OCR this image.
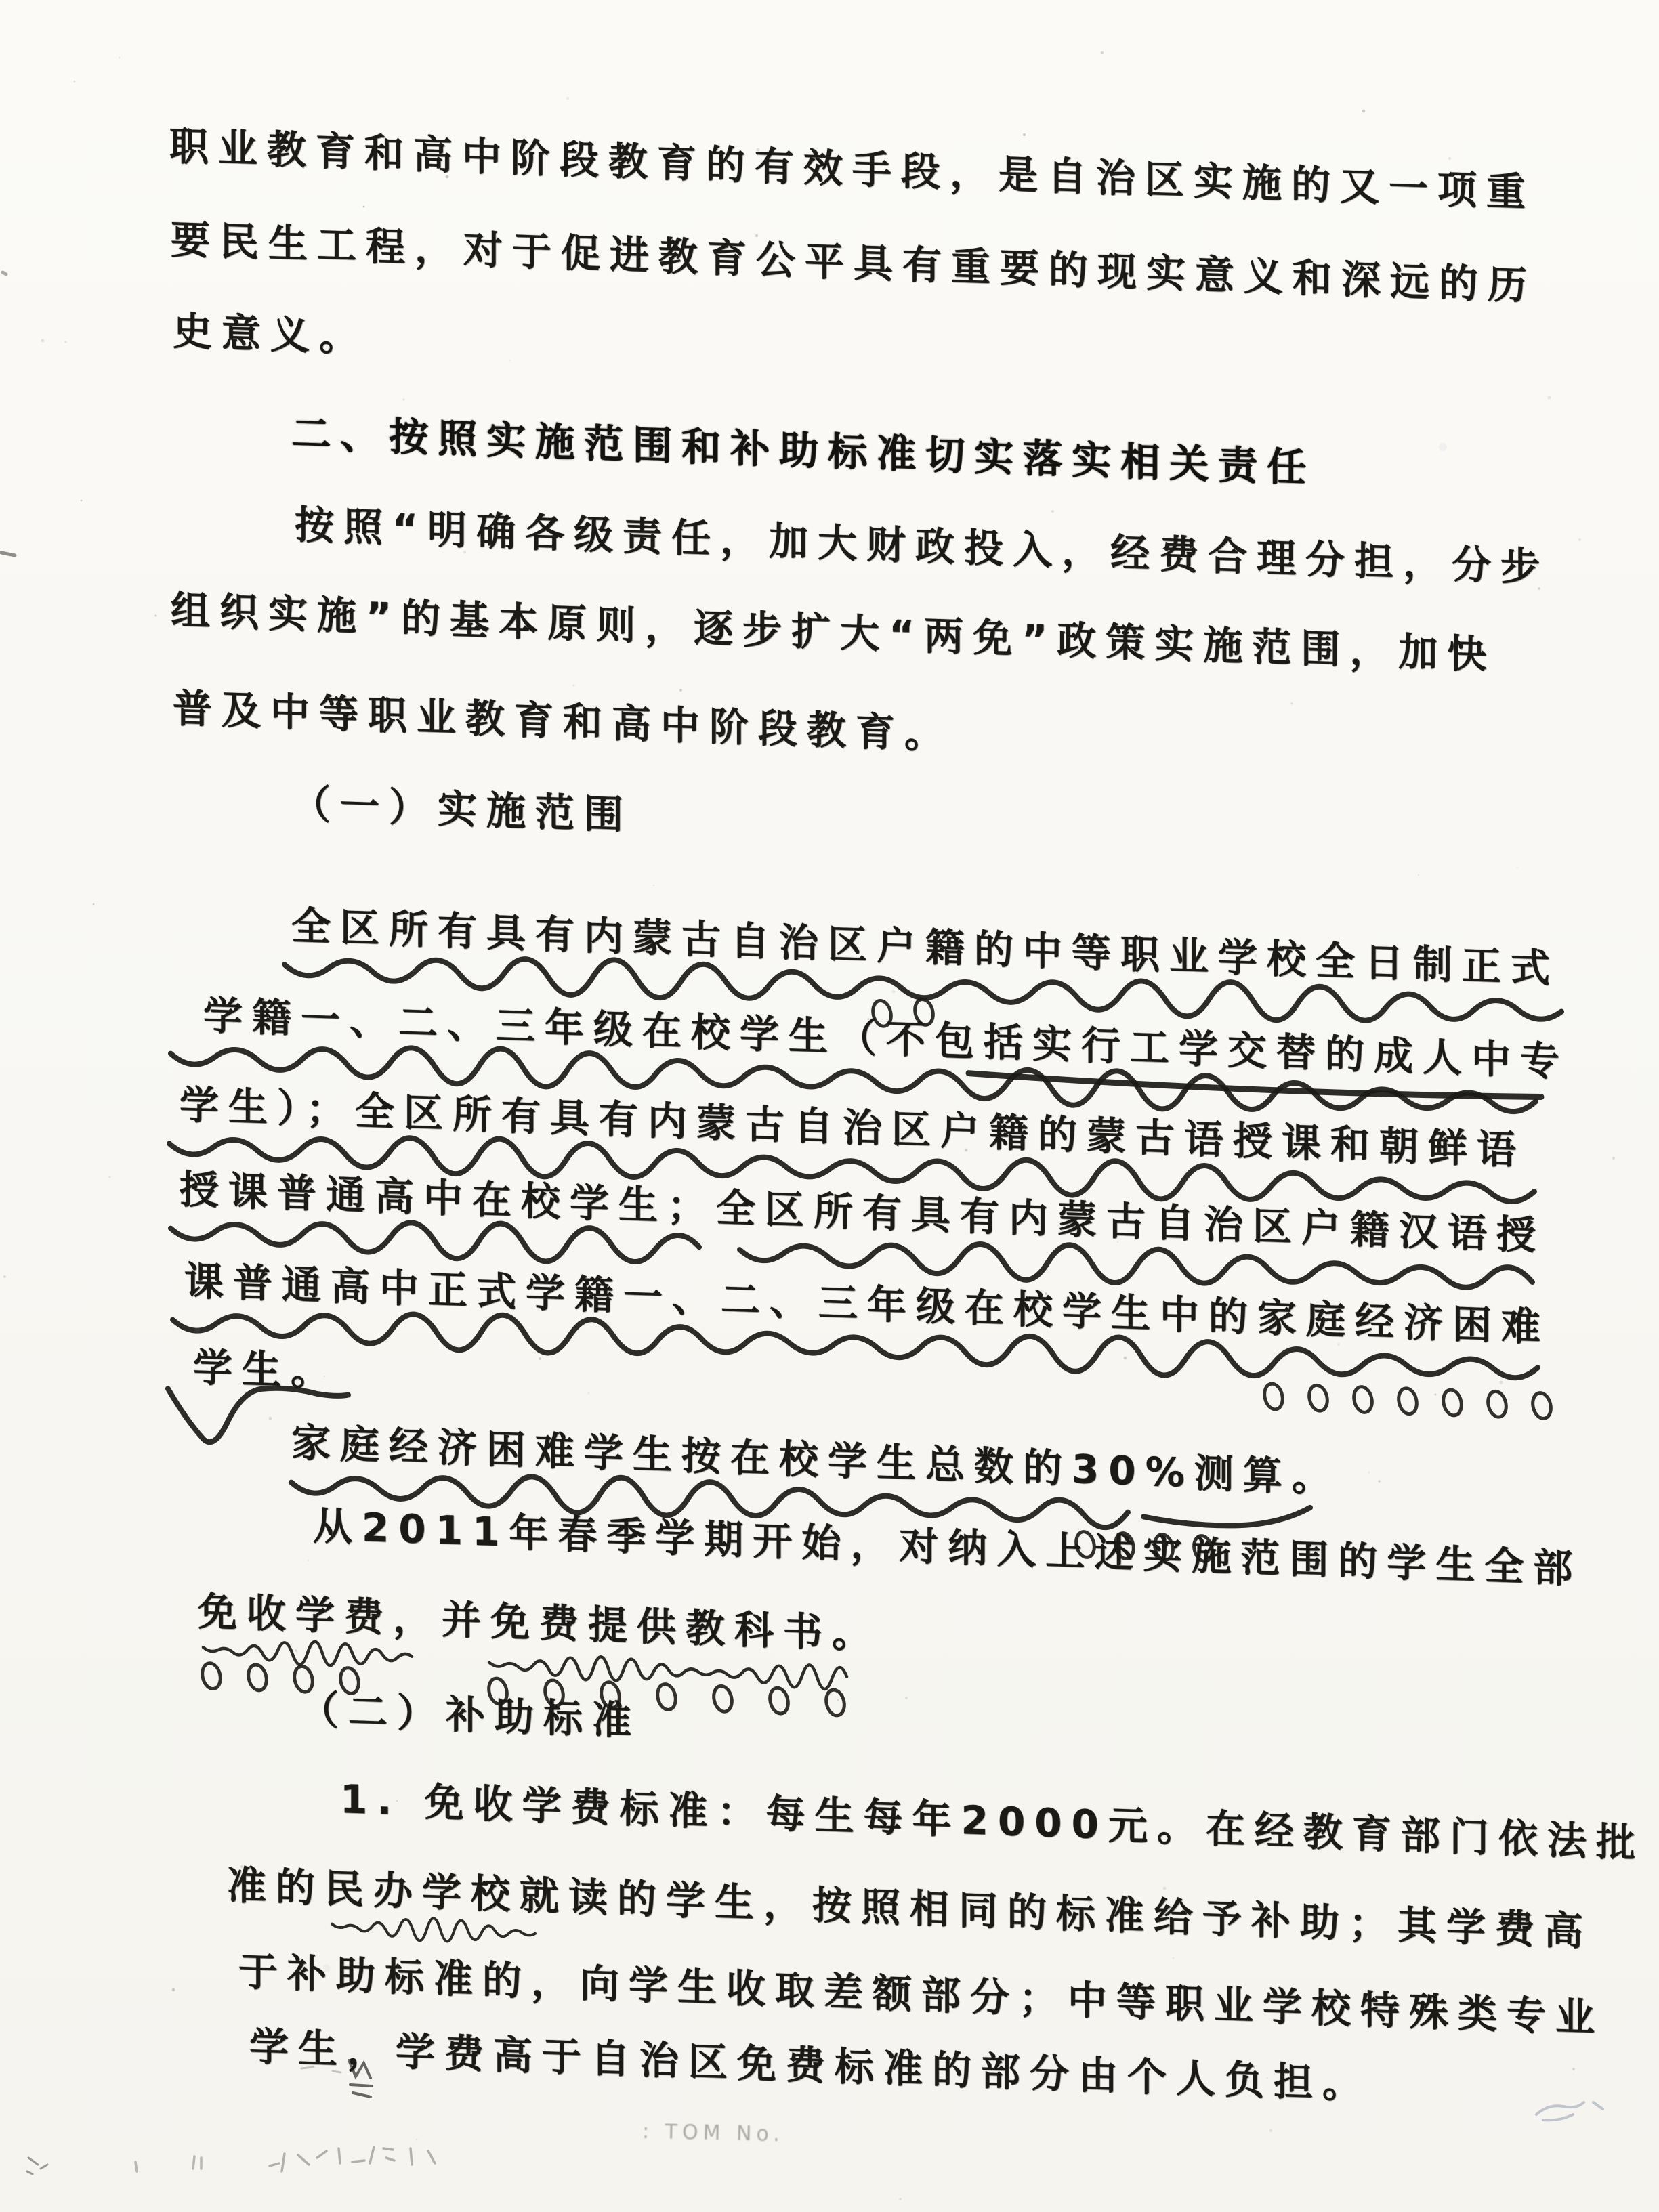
职业教育和高中阶段教育的有效手段，是自治区实施的又一项重
要民生工程，对于促进教育公平具有重要的现实意义和深远的历
史意义。
二、按照实施范围和补助标准切实落实相关责任
按照“明确各级责任，加大财政投入，经费合理分担，分步
组织实施”的基本原则，逐步扩大“两免”政策实施范围，加快
普及中等职业教育和高中阶段教育。
（一）实施范围
全区所有具有内蒙古自治区户籍的中等职业学校全日制正式
学籍一、二、三年级在校学生（不包括实行工学交替的成人中专
学生）；全区所有具有内蒙古自治区户籍的蒙古语授课和朝鲜语
授课普通高中在校学生；全区所有具有内蒙古自治区户籍汉语授
课普通高中正式学籍一、二、三年级在校学生中的家庭经济困难
学生。
家庭经济困难学生按在校学生总数的30%测算。
从2011年春季学期开始，对纳入上述实施范围的学生全部
免收学费，并免费提供教科书。
（二）补助标准
1. 免收学费标准：每生每年2000元。在经教育部门依法批
准的民办学校就读的学生，按照相同的标准给予补助；其学费高
于补助标准的，向学生收取差额部分；中等职业学校特殊类专业
学生，学费高于自治区免费标准的部分由个人负担。
: TOM No.
